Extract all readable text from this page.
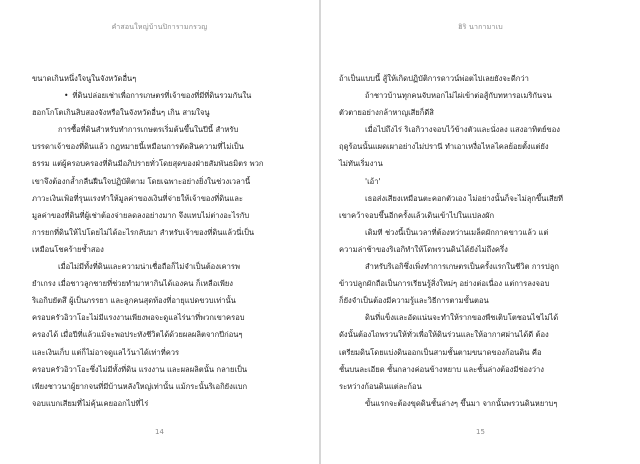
คำสอนใหญ่บ้านปิการามกรวญ
ขนาดเกินหนึ่งใจนูในจังหวัดอื่นๆ
• ที่ดินปล่อยเช่าเพื่อการเกษตรที่เจ้าของที่มีที่ดินรวมกันใน
ฮอกโกโตเกินสิบสองจังหรือในจังหวัดอื่นๆ เกิน สามใจนู
การซื้อที่ดินสำหรับทำการเกษตรเริ่มต้นขึ้นในปีนี้ สำหรับ
บรรดาเจ้าของที่ดินแล้ว กฎหมายนี้เหมือนการตัดสินความที่ไม่เป็น
ธรรม แต่ผู้ครอบครองที่ดินมีอภิปรายทั่วโดยสุดของฝ่ายสัมพันธมิตร พวก
เขาจึงต้องกล้ำกลืนฝืนใจปฏิบัติตาม โดยเฉพาะอย่างยิ่งในช่วงเวลานี้
ภาวะเงินเฟ้อที่รุนแรงทำให้มูลค่าของเงินที่จ่ายให้เจ้าของที่ดินและ
มูลค่าของที่ดินที่ผู้เช่าต้องจ่ายลดลงอย่างมาก จึงแทบไม่ต่างอะไรกับ
การยกที่ดินให้ไปโดยไม่ได้อะไรกลับมา สำหรับเจ้าของที่ดินแล้วนี่เป็น
เหมือนโชคร้ายซ้ำสอง
เมื่อไม่มีทั้งที่ดินและความน่าเชื่อถือก็ไม่จำเป็นต้องเคารพ
ยำเกรง เมื่อชาวลูกชายที่ช่วยทำมาหากินได้เองคน ก็เหลือเพียง
ริเอกิบยัตสึ ผู้เป็นภรรยา และลูกคนสุดท้องที่อายุแปดขวบเท่านั้น
ครอบครัวอิวาโอะไม่มีแรงงานเพียงพอจะดูแลไร่นาที่พวกเขาครอบ
ครองได้ เมื่อปีที่แล้วแม้จะพอประทังชีวิตได้ด้วยผลผลิตจากปีก่อนๆ
และเงินเก็บ แต่ก็ไม่อาจดูแลไว้นาได้เท่าที่ควร
ครอบครัวอิวาโอะซึ่งไม่มีทั้งที่ดิน แรงงาน และผลผลิตนั้น กลายเป็น
เพียงชาวนาผู้ยากจนที่มีบ้านหลังใหญ่เท่านั้น แม้กระนั้นริเอกิยังแบก
จอบแบกเสียมที่ไม่คุ้นเคยออกไปที่ไร่
14
ฮิริ นากามาเบ
ถ้าเป็นแบบนี้ สู้ให้เกิดปฏิบัติการดาวน์พ่อตไปเลยยังจะดีกว่า
ถ้าชาวบ้านทุกคนจับหอกไม่ไผ่เข้าต่อสู้กับทหารอเมริกันจน
ตัวตายอย่างกล้าหาญเสียก็ดีสิ
เมื่อไปถึงไร่ ริเอกิวางจอบไว้ข้างตัวและนั่งลง แสงอาทิตย์ของ
ฤดูร้อนนั้นแผดเผาอย่างไม่ปรานี ทำเอาเหงื่อไหลไคลย้อยตั้งแต่ยัง
ไม่ทันเริ่มงาน
'เอ้า'
เธอส่งเสียงเหมือนตะคอกตัวเอง ไม่อย่างนั้นก็จะไม่ลุกขึ้นเสียที
เขาคว้าจอบขึ้นอีกครั้งแล้วเดินเข้าไปในแปลงผัก
เดิมที ช่วงนี้เป็นเวลาที่ต้องหว่านเมล็ดผักกาดขาวแล้ว แต่
ความล่าช้าของริเอกิทำให้โดพรวนดินได้ยังไม่ถึงครึ่ง
สำหรับริเอกิซึ่งเพิ่งทำการเกษตรเป็นครั้งแรกในชีวิต การปลูก
ข้าวปลูกผักถือเป็นการเรียนรู้สิ่งใหม่ๆ อย่างต่อเนื่อง แต่การลงจอบ
ก็ยังจำเป็นต้องมีความรู้และวิธีการตามขั้นตอน
ดินที่แข็งและอัดแน่นจะทำให้รากของพืชเติบโตชอนไชไม่ได้
ดังนั้นต้องไถพรวนให้ทั่วเพื่อให้ดินร่วนและให้อากาศผ่านได้ดี ต้อง
เตรียมดินโดยแบ่งดินออกเป็นสามชั้นตามขนาดของก้อนดิน คือ
ชั้นบนละเอียด ชั้นกลางค่อนข้างหยาบ และชั้นล่างต้องมีช่องว่าง
ระหว่างก้อนดินแต่ละก้อน
ขั้นแรกจะต้องขุดดินชั้นล่างๆ ขึ้นมา จากนั้นพรวนดินหยาบๆ
15
